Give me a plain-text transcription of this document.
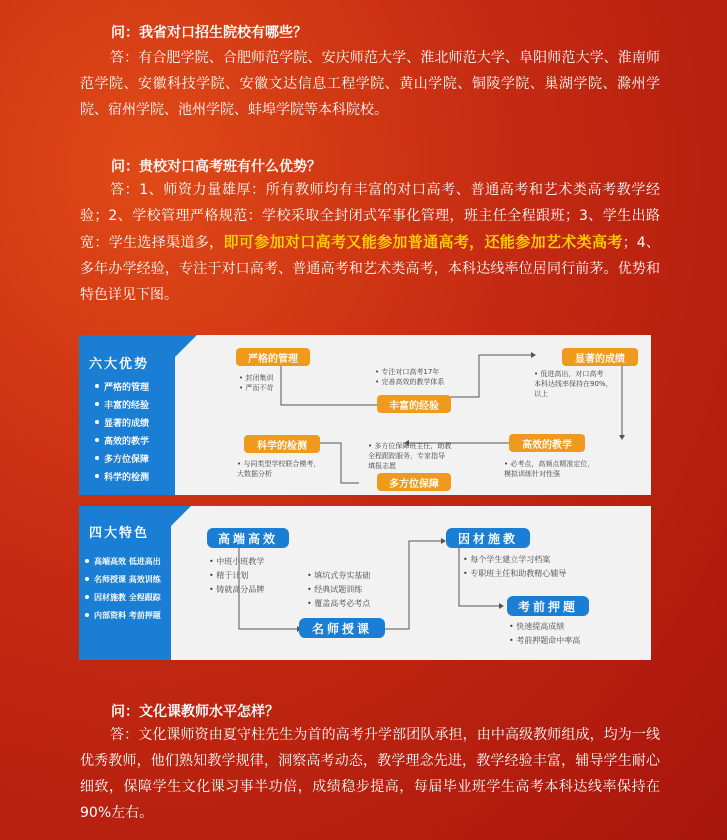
问：我省对口招生院校有哪些？

答：有合肥学院、合肥师范学院、安庆师范大学、淮北师范大学、阜阳师范大学、淮南师范学院、安徽科技学院、安徽文达信息工程学院、黄山学院、铜陵学院、巢湖学院、滁州学院、宿州学院、池州学院、蚌埠学院等本科院校。

问：贵校对口高考班有什么优势？

答：1、师资力量雄厚：所有教师均有丰富的对口高考、普通高考和艺术类高考教学经验；2、学校管理严格规范：学校采取全封闭式军事化管理，班主任全程跟班；3、学生出路宽：学生选择渠道多，即可参加对口高考又能参加普通高考，还能参加艺术类高考；4、多年办学经验，专注于对口高考、普通高考和艺术类高考，本科达线率位居同行前茅。优势和特色详见下图。

六大优势
严格的管理
丰富的经验
显著的成绩
高效的教学
多方位保障
科学的检测
严格的管理
• 封闭集训
• 严而不苛
• 专注对口高考17年
• 完善高效的教学体系
丰富的经验
显著的成绩
• 低进高出，对口高考
本科达线率保持在90%，
以上
高效的教学
• 必考点，高频点精准定位，
模拟训练针对性强
• 多方位保障班主任，助教
全程跟踪服务，专家指导
填报志愿
多方位保障
科学的检测
• 与同类型学校联合模考，
大数据分析
四大特色
高端高效 低进高出
名师授课 高效训练
因材施教 全程跟踪
内部资料 考前押题
高端高效
• 中班小班教学
• 精于计划
• 铸就高分品牌
• 填坑式夯实基础
• 经典试题训练
• 覆盖高考必考点
名师授课
因材施教
• 每个学生建立学习档案
• 专职班主任和助教精心辅导
考前押题
• 快速提高成绩
• 考前押题命中率高
问：文化课教师水平怎样？

答：文化课师资由夏守柱先生为首的高考升学部团队承担，由中高级教师组成，均为一线优秀教师，他们熟知教学规律，洞察高考动态，教学理念先进，教学经验丰富，辅导学生耐心细致，保障学生文化课习事半功倍，成绩稳步提高，每届毕业班学生高考本科达线率保持在90%左右。
